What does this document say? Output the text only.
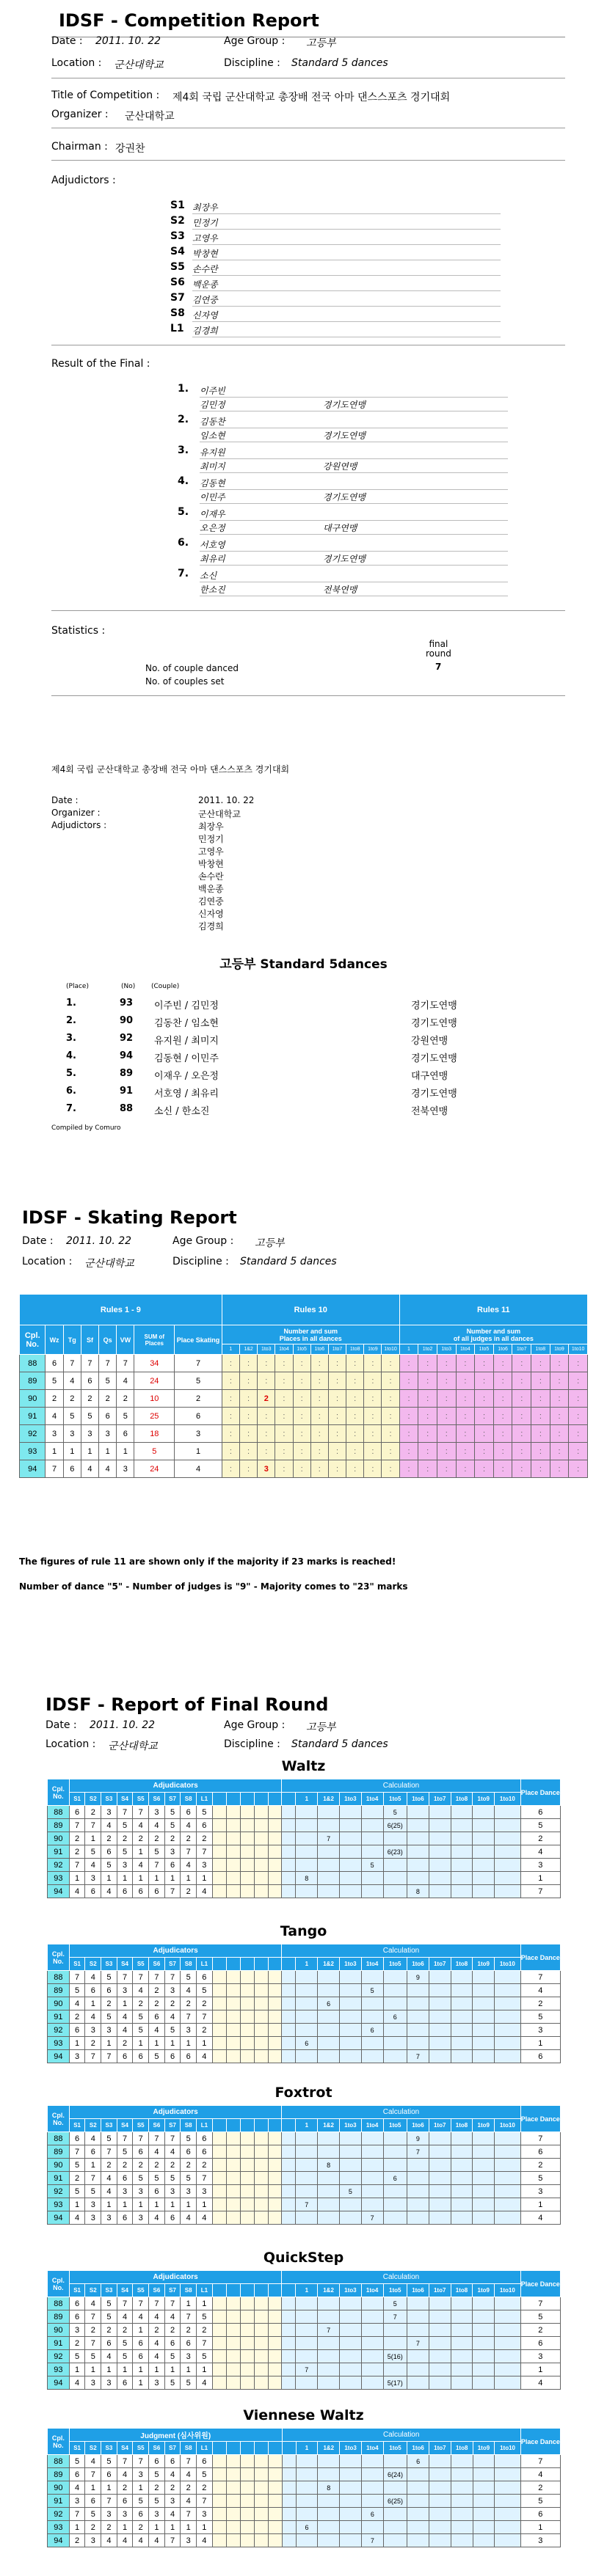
IDSF - Competition Report
Date : 2011. 10. 22	Age Group : 고등부
Location : 군산대학교	Discipline : Standard 5 dances
Title of Competition : 제4회 국립 군산대학교 총장배 전국 아마 댄스스포츠 경기대회
Organizer : 군산대학교
Chairman : 강권찬
Adjudictors :
S1 최장우
S2 민정기
S3 고영우
S4 박창현
S5 손수란
S6 백운종
S7 김연중
S8 신자영
L1 김경희
Result of the Final :
1. 이주빈
김민정	경기도연맹
2. 김동찬
임소현	경기도연맹
3. 유지원
최미지	강원연맹
4. 김동현
이민주	경기도연맹
5. 이재우
오은정	대구연맹
6. 서호영
최유리	경기도연맹
7. 소신
한소진	전북연맹
Statistics :
final
round
No. of couple danced	7
No. of couples set
제4회 국립 군산대학교 총장배 전국 아마 댄스스포츠 경기대회
Date :	2011. 10. 22
Organizer :	군산대학교
Adjudictors :	최장우
민정기
고영우
박창현
손수란
백운종
김연중
신자영
김경희
고등부 Standard 5dances
(Place)	(No) (Couple)
1.	93 이주빈 / 김민정	경기도연맹
2.	90 김동찬 / 임소현	경기도연맹
3.	92 유지원 / 최미지	강원연맹
4.	94 김동현 / 이민주	경기도연맹
5.	89 이재우 / 오은정	대구연맹
6.	91 서호영 / 최유리	경기도연맹
7.	88 소신 / 한소진	전북연맹
Compiled by Comuro
IDSF - Skating Report
Date : 2011. 10. 22	Age Group : 고등부
Location : 군산대학교	Discipline : Standard 5 dances
Rules 1 - 9								Rules 10										Rules 11									
Cpl.
No.	Wz	Tg	Sf	Qs	VW	SUM of Places	Place Skating	Number and sum
Places in all dances										Number and sum
of all judges in all dances									
								1	1&2	1to3	1to4	1to5	1to6	1to7	1to8	1to9	1to10	1	1to2	1to3	1to4	1to5	1to6	1to7	1to8	1to9	1to10
88	6	7	7	7	7	34	7	:	:	:	:	:	:	:	:	:	:	:	:	:	:	:	:	:	:	:	:
89	5	4	6	5	4	24	5	:	:	:	:	:	:	:	:	:	:	:	:	:	:	:	:	:	:	:	:
90	2	2	2	2	2	10	2	:	:	2	:	:	:	:	:	:	:	:	:	:	:	:	:	:	:	:	:
91	4	5	5	6	5	25	6	:	:	:	:	:	:	:	:	:	:	:	:	:	:	:	:	:	:	:	:
92	3	3	3	3	6	18	3	:	:	:	:	:	:	:	:	:	:	:	:	:	:	:	:	:	:	:	:
93	1	1	1	1	1	5	1	:	:	:	:	:	:	:	:	:	:	:	:	:	:	:	:	:	:	:	:
94	7	6	4	4	3	24	4	:	:	3	:	:	:	:	:	:	:	:	:	:	:	:	:	:	:	:	:
The figures of rule 11 are shown only if the majority if 23 marks is reached!
Number of dance "5" - Number of judges is "9" - Majority comes to "23" marks
IDSF - Report of Final Round
Date : 2011. 10. 22	Age Group : 고등부
Location : 군산대학교	Discipline : Standard 5 dances
Waltz
Cpl.
No.	Adjudicators														Calculation											Place Dance
	S1	S2	S3	S4	S5	S6	S7	S8	L1							1	1&2	1to3	1to4	1to5	1to6	1to7	1to8	1to9	1to10	
88	6	2	3	7	7	3	5	6	5											5						6
89	7	7	4	5	4	4	5	4	6											6(25)						5
90	2	1	2	2	2	2	2	2	2								7									2
91	2	5	6	5	1	5	3	7	7											6(23)						4
92	7	4	5	3	4	7	6	4	3										5							3
93	1	3	1	1	1	1	1	1	1							8										1
94	4	6	4	6	6	6	7	2	4												8					7
Tango
Cpl.
No.	Adjudicators														Calculation											Place Dance
	S1	S2	S3	S4	S5	S6	S7	S8	L1							1	1&2	1to3	1to4	1to5	1to6	1to7	1to8	1to9	1to10	
88	7	4	5	7	7	7	7	5	6												9					7
89	5	6	6	3	4	2	3	4	5										5							4
90	4	1	2	1	2	2	2	2	2								6									2
91	2	4	5	4	5	6	4	7	7											6						5
92	6	3	3	4	5	4	5	3	2										6							3
93	1	2	1	2	1	1	1	1	1							6										1
94	3	7	7	6	6	5	6	6	4												7					6
Foxtrot
Cpl.
No.	Adjudicators														Calculation											Place Dance
	S1	S2	S3	S4	S5	S6	S7	S8	L1							1	1&2	1to3	1to4	1to5	1to6	1to7	1to8	1to9	1to10	
88	6	4	5	7	7	7	7	5	6												9					7
89	7	6	7	5	6	4	4	6	6												7					6
90	5	1	2	2	2	2	2	2	2								8									2
91	2	7	4	6	5	5	5	5	7											6						5
92	5	5	4	3	3	6	3	3	3									5								3
93	1	3	1	1	1	1	1	1	1							7										1
94	4	3	3	6	3	4	6	4	4										7							4
QuickStep
Cpl.
No.	Adjudicators														Calculation											Place Dance
	S1	S2	S3	S4	S5	S6	S7	S8	L1							1	1&2	1to3	1to4	1to5	1to6	1to7	1to8	1to9	1to10	
88	6	4	5	7	7	7	7	1	1											5						7
89	6	7	5	4	4	4	4	7	5											7						5
90	3	2	2	2	1	2	2	2	2								7									2
91	2	7	6	5	6	4	6	6	7												7					6
92	5	5	4	5	6	4	5	3	5											5(16)						3
93	1	1	1	1	1	1	1	1	1							7										1
94	4	3	3	6	1	3	5	5	4											5(17)						4
Viennese Waltz
Cpl.
No.	Judgment (심사위원)														Calculation											Place Dance
	S1	S2	S3	S4	S5	S6	S7	S8	L1							1	1&2	1to3	1to4	1to5	1to6	1to7	1to8	1to9	1to10	
88	5	4	5	7	7	6	6	7	6												6					7
89	6	7	6	4	3	5	4	4	5											6(24)						4
90	4	1	1	2	1	2	2	2	2								8									2
91	3	6	7	6	5	5	3	4	7											6(25)						5
92	7	5	3	3	6	3	4	7	3										6							6
93	1	2	2	1	2	1	1	1	1							6										1
94	2	3	4	4	4	4	7	3	4										7							3
